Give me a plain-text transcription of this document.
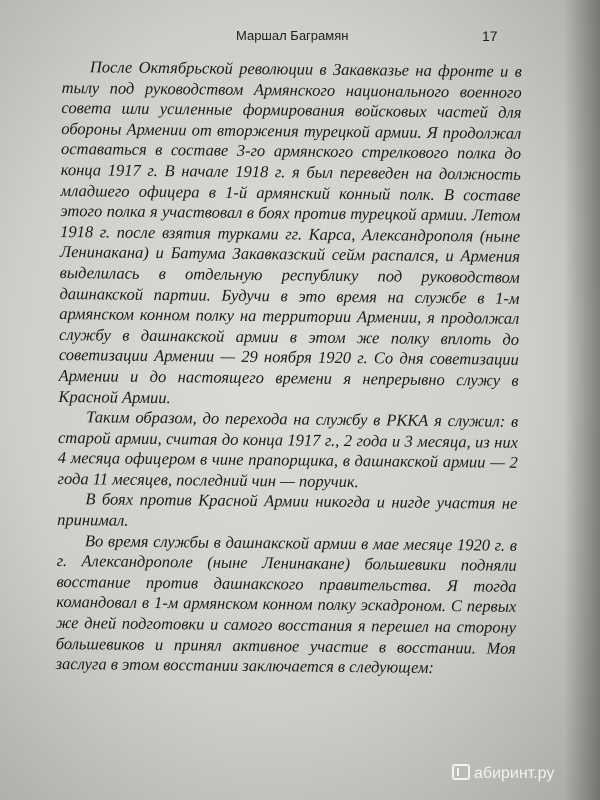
Маршал Баграмян	17

После Октябрьской революции в Закавказье на фронте и в тылу под руководством Армянского национального военного совета шли усиленные формирования войсковых частей для обороны Армении от вторжения турецкой армии. Я продолжал оставаться в составе 3-го армянского стрелкового полка до конца 1917 г. В начале 1918 г. я был переведен на должность младшего офицера в 1-й армянский конный полк. В составе этого полка я участвовал в боях против турецкой армии. Летом 1918 г. после взятия турками гг. Карса, Александрополя (ныне Ленинакана) и Батума Закавказский сейм распался, и Армения выделилась в отдельную республику под руководством дашнакской партии. Будучи в это время на службе в 1-м армянском конном полку на территории Армении, я продолжал службу в дашнакской армии в этом же полку вплоть до советизации Армении — 29 ноября 1920 г. Со дня советизации Армении и до настоящего времени я непрерывно служу в Красной Армии.

Таким образом, до перехода на службу в РККА я служил: в старой армии, считая до конца 1917 г., 2 года и 3 месяца, из них 4 месяца офицером в чине прапорщика, в дашнакской армии — 2 года 11 месяцев, последний чин — поручик.

В боях против Красной Армии никогда и нигде участия не принимал.

Во время службы в дашнакской армии в мае месяце 1920 г. в г. Александрополе (ныне Ленинакане) большевики подняли восстание против дашнакского правительства. Я тогда командовал в 1-м армянском конном полку эскадроном. С первых же дней подготовки и самого восстания я перешел на сторону большевиков и принял активное участие в восстании. Моя заслуга в этом восстании заключается в следующем:

абиринт.ру
